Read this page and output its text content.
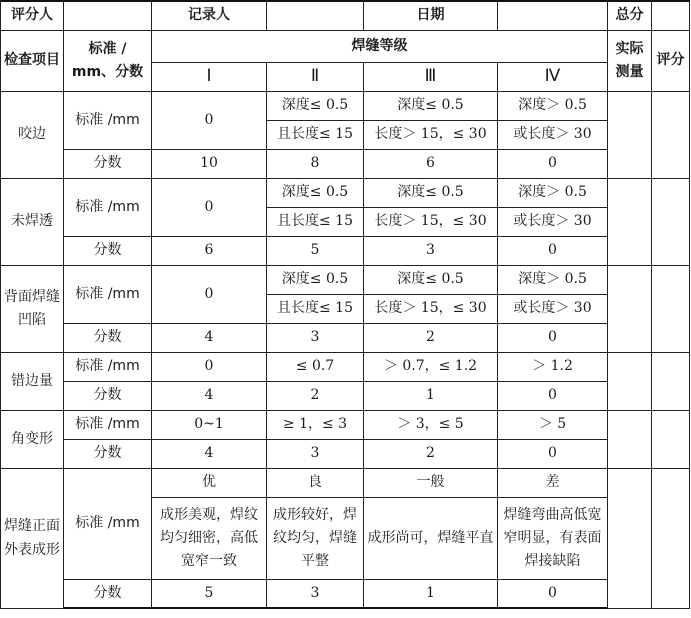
评分人		记录人		日期		总分	
检查项目	标准 / mm、分数	焊缝等级				实际测量	评分
		Ⅰ	Ⅱ	Ⅲ	Ⅳ		
咬边	标准 /mm	0	深度≤ 0.5	深度≤ 0.5	深度＞ 0.5		
			且长度≤ 15	长度＞ 15，≤ 30	或长度＞ 30		
	分数	10	8	6	0		
未焊透	标准 /mm	0	深度≤ 0.5	深度≤ 0.5	深度＞ 0.5		
			且长度≤ 15	长度＞ 15，≤ 30	或长度＞ 30		
	分数	6	5	3	0		
背面焊缝凹陷	标准 /mm	0	深度≤ 0.5	深度≤ 0.5	深度＞ 0.5		
			且长度≤ 15	长度＞ 15，≤ 30	或长度＞ 30		
	分数	4	3	2	0		
错边量	标准 /mm	0	≤ 0.7	＞ 0.7，≤ 1.2	＞ 1.2		
	分数	4	2	1	0		
角变形	标准 /mm	0~1	≥ 1，≤ 3	＞ 3，≤ 5	＞ 5		
	分数	4	3	2	0		
焊缝正面外表成形	标准 /mm	优	良	一般	差		
		成形美观，焊纹均匀细密，高低宽窄一致	成形较好，焊纹均匀，焊缝平整	成形尚可，焊缝平直	焊缝弯曲高低宽窄明显，有表面焊接缺陷		
	分数	5	3	1	0		
